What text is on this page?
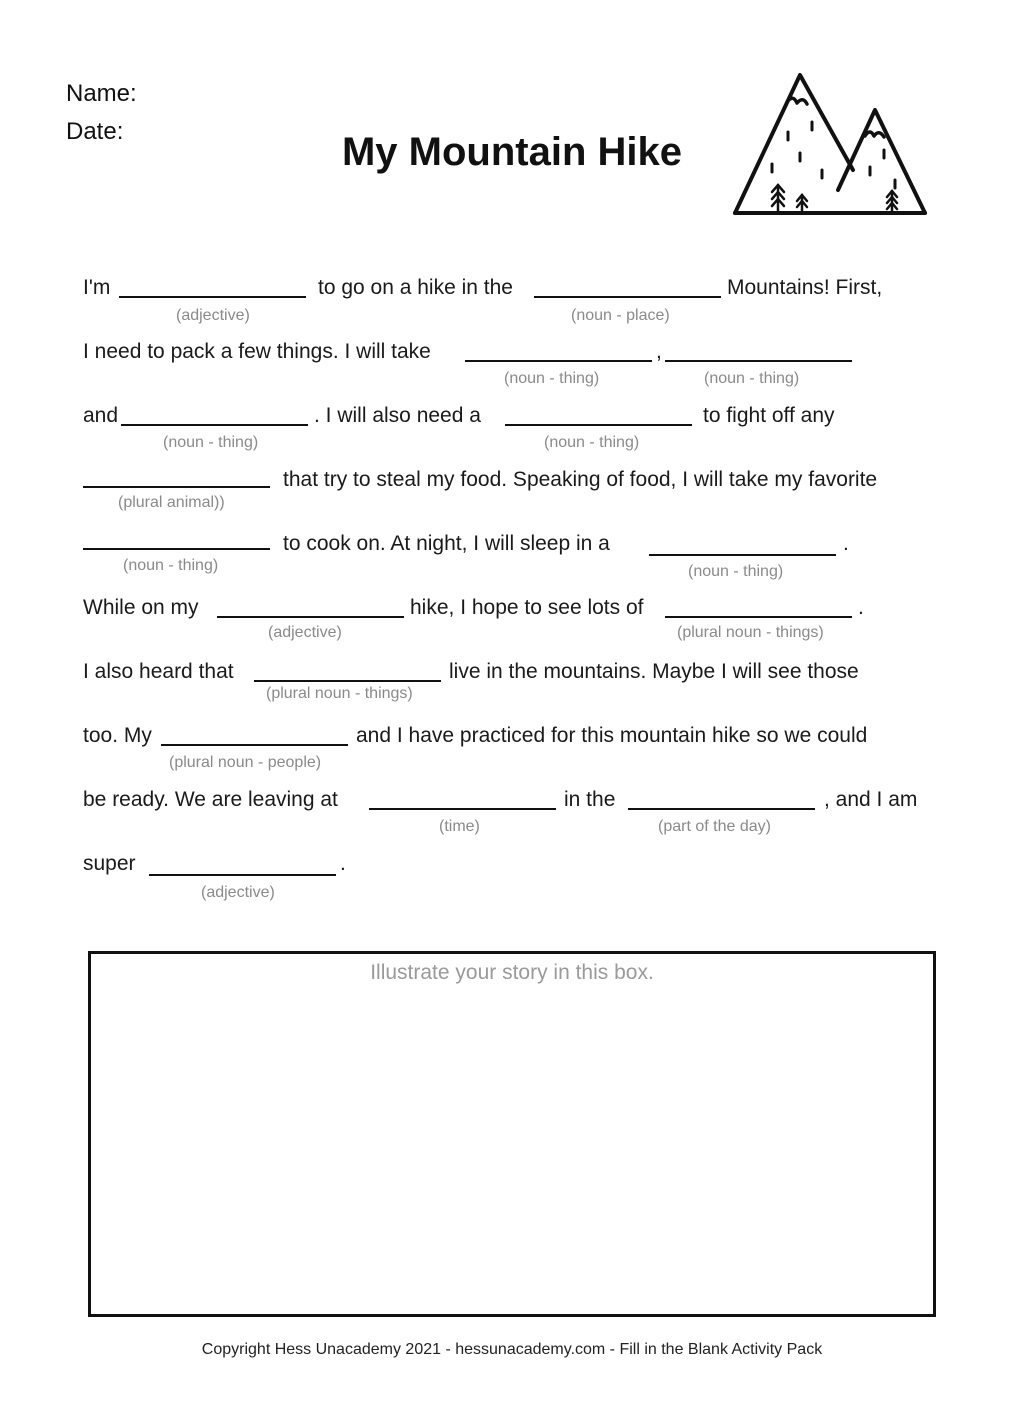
Name:
Date:	My Mountain Hike
I'm	to go on a hike in the	Mountains! First,
(adjective)	(noun - place)
I need to pack a few things. I will take	,
(noun - thing)	(noun - thing)
and	. I will also need a	to fight off any
(noun - thing)	(noun - thing)
that try to steal my food. Speaking of food, I will take my favorite
(plural animal))
to cook on. At night, I will sleep in a	.
(noun - thing)	(noun - thing)
While on my	hike, I hope to see lots of	.
(adjective)	(plural noun - things)
I also heard that	live in the mountains. Maybe I will see those
(plural noun - things)
too. My	and I have practiced for this mountain hike so we could
(plural noun - people)
be ready. We are leaving at	in the	, and I am
(time)	(part of the day)
super	.
(adjective)
Illustrate your story in this box.
Copyright Hess Unacademy 2021 - hessunacademy.com - Fill in the Blank Activity Pack
